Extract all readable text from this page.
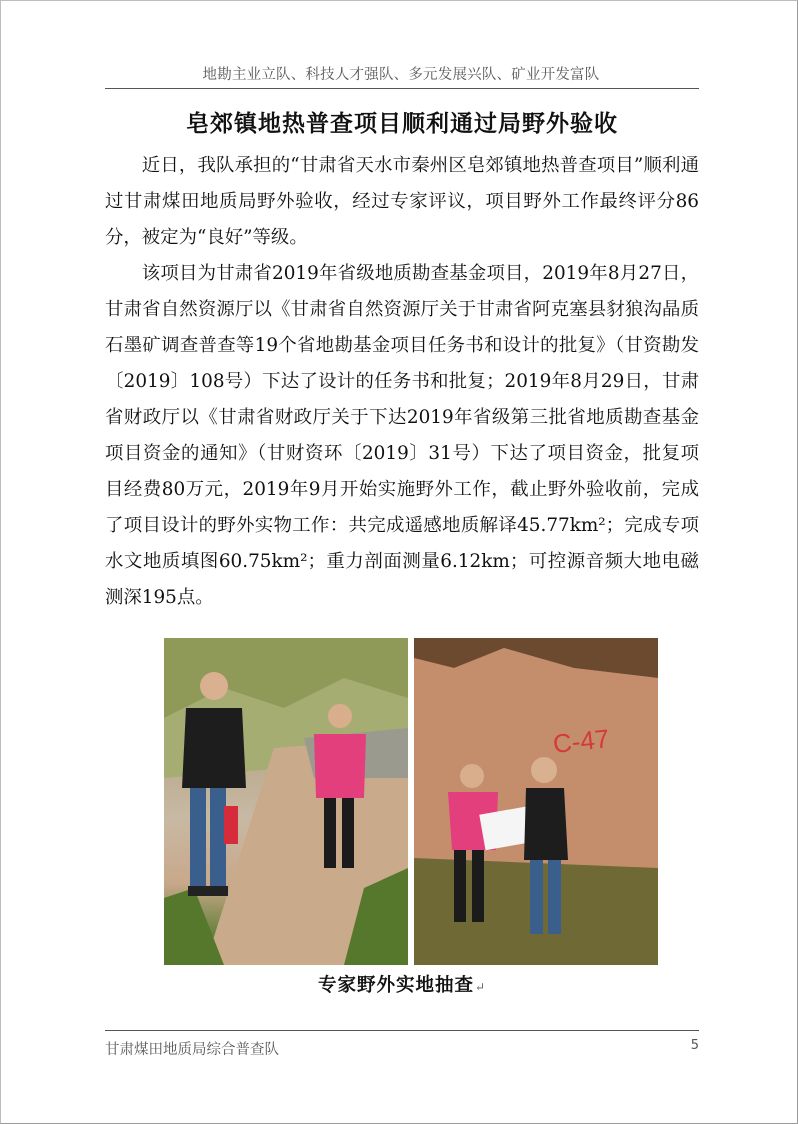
地勘主业立队、科技人才强队、多元发展兴队、矿业开发富队
皂郊镇地热普查项目顺利通过局野外验收

近日，我队承担的“甘肃省天水市秦州区皂郊镇地热普查项目”顺利通过甘肃煤田地质局野外验收，经过专家评议，项目野外工作最终评分86分，被定为“良好”等级。

该项目为甘肃省2019年省级地质勘查基金项目，2019年8月27日，甘肃省自然资源厅以《甘肃省自然资源厅关于甘肃省阿克塞县豺狼沟晶质石墨矿调查普查等19个省地勘基金项目任务书和设计的批复》（甘资勘发〔2019〕108号）下达了设计的任务书和批复；2019年8月29日，甘肃省财政厅以《甘肃省财政厅关于下达2019年省级第三批省地质勘查基金项目资金的通知》（甘财资环〔2019〕31号）下达了项目资金，批复项目经费80万元，2019年9月开始实施野外工作，截止野外验收前，完成了项目设计的野外实物工作：共完成遥感地质解译45.77km²；完成专项水文地质填图60.75km²；重力剖面测量6.12km；可控源音频大地电磁测深195点。

C-47
专家野外实地抽查↵
甘肃煤田地质局综合普查队	5
